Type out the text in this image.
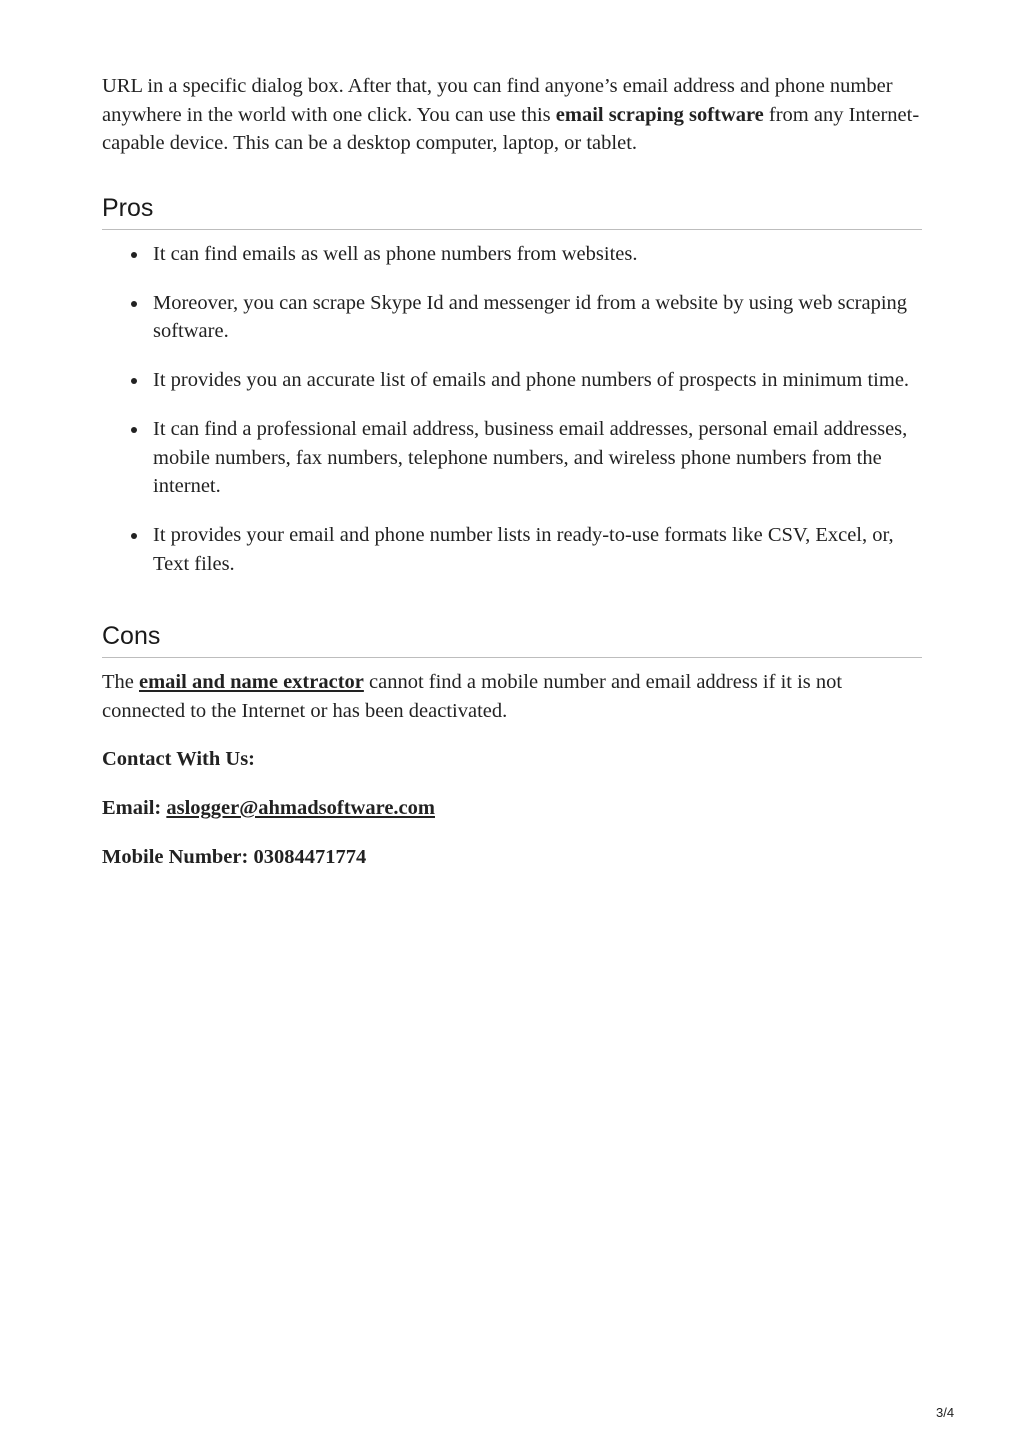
URL in a specific dialog box. After that, you can find anyone’s email address and phone number anywhere in the world with one click. You can use this email scraping software from any Internet-capable device. This can be a desktop computer, laptop, or tablet.

Pros
It can find emails as well as phone numbers from websites.
Moreover, you can scrape Skype Id and messenger id from a website by using web scraping software.
It provides you an accurate list of emails and phone numbers of prospects in minimum time.
It can find a professional email address, business email addresses, personal email addresses, mobile numbers, fax numbers, telephone numbers, and wireless phone numbers from the internet.
It provides your email and phone number lists in ready-to-use formats like CSV, Excel, or, Text files.
Cons

The email and name extractor cannot find a mobile number and email address if it is not connected to the Internet or has been deactivated.

Contact With Us:

Email: aslogger@ahmadsoftware.com

Mobile Number: 03084471774

3/4
